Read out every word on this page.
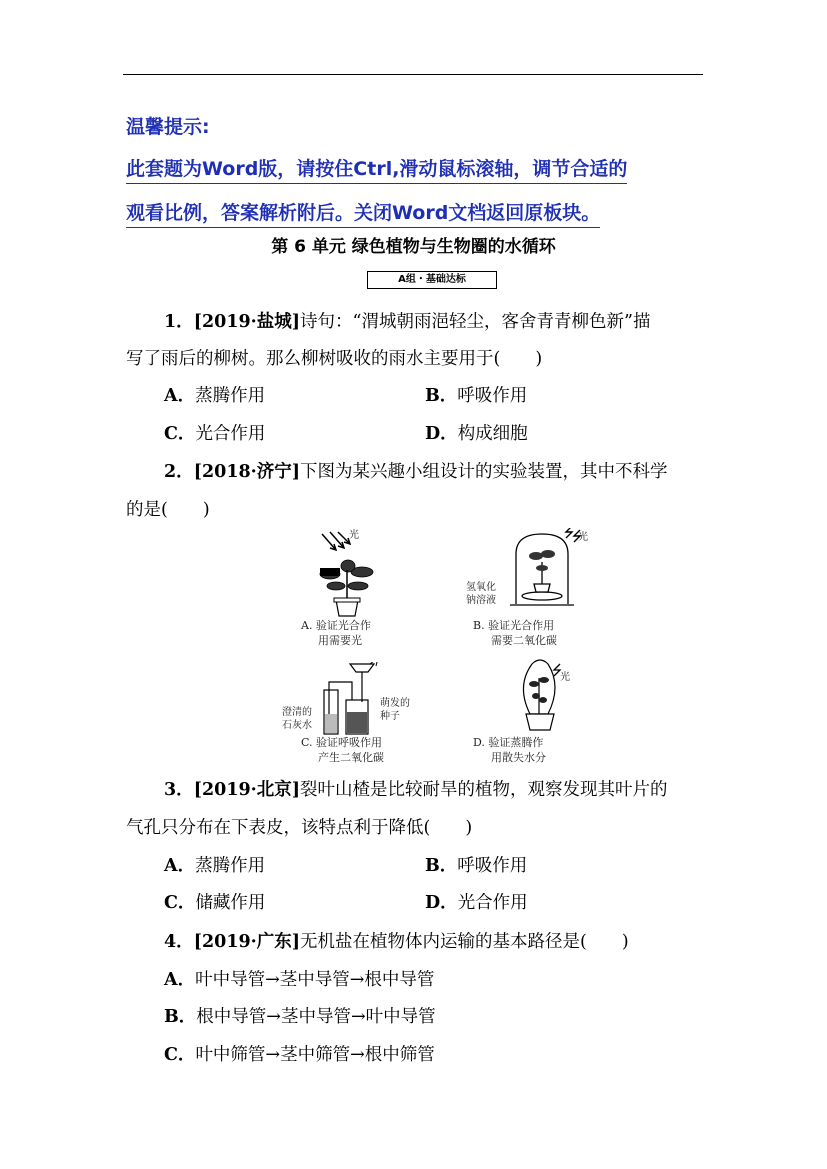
温馨提示:
此套题为Word版，请按住Ctrl,滑动鼠标滚轴，调节合适的
观看比例，答案解析附后。关闭Word文档返回原板块。
第 6 单元 绿色植物与生物圈的水循环
A组・基础达标
1．[2019·盐城]诗句：“渭城朝雨浥轻尘，客舍青青柳色新”描
写了雨后的柳树。那么柳树吸收的雨水主要用于(　　)
A．蒸腾作用	B．呼吸作用
C．光合作用	D．构成细胞
2．[2018·济宁]下图为某兴趣小组设计的实验装置，其中不科学
的是(　　)
光
A. 验证光合作
用需要光
光
氢氧化
钠溶液
B. 验证光合作用
需要二氧化碳
澄清的
石灰水
萌发的
种子
C. 验证呼吸作用
产生二氧化碳
光
D. 验证蒸腾作
用散失水分
3．[2019·北京]裂叶山楂是比较耐旱的植物，观察发现其叶片的
气孔只分布在下表皮，该特点利于降低(　　)
A．蒸腾作用	B．呼吸作用
C．储藏作用	D．光合作用
4．[2019·广东]无机盐在植物体内运输的基本路径是(　　)
A．叶中导管→茎中导管→根中导管
B．根中导管→茎中导管→叶中导管
C．叶中筛管→茎中筛管→根中筛管
